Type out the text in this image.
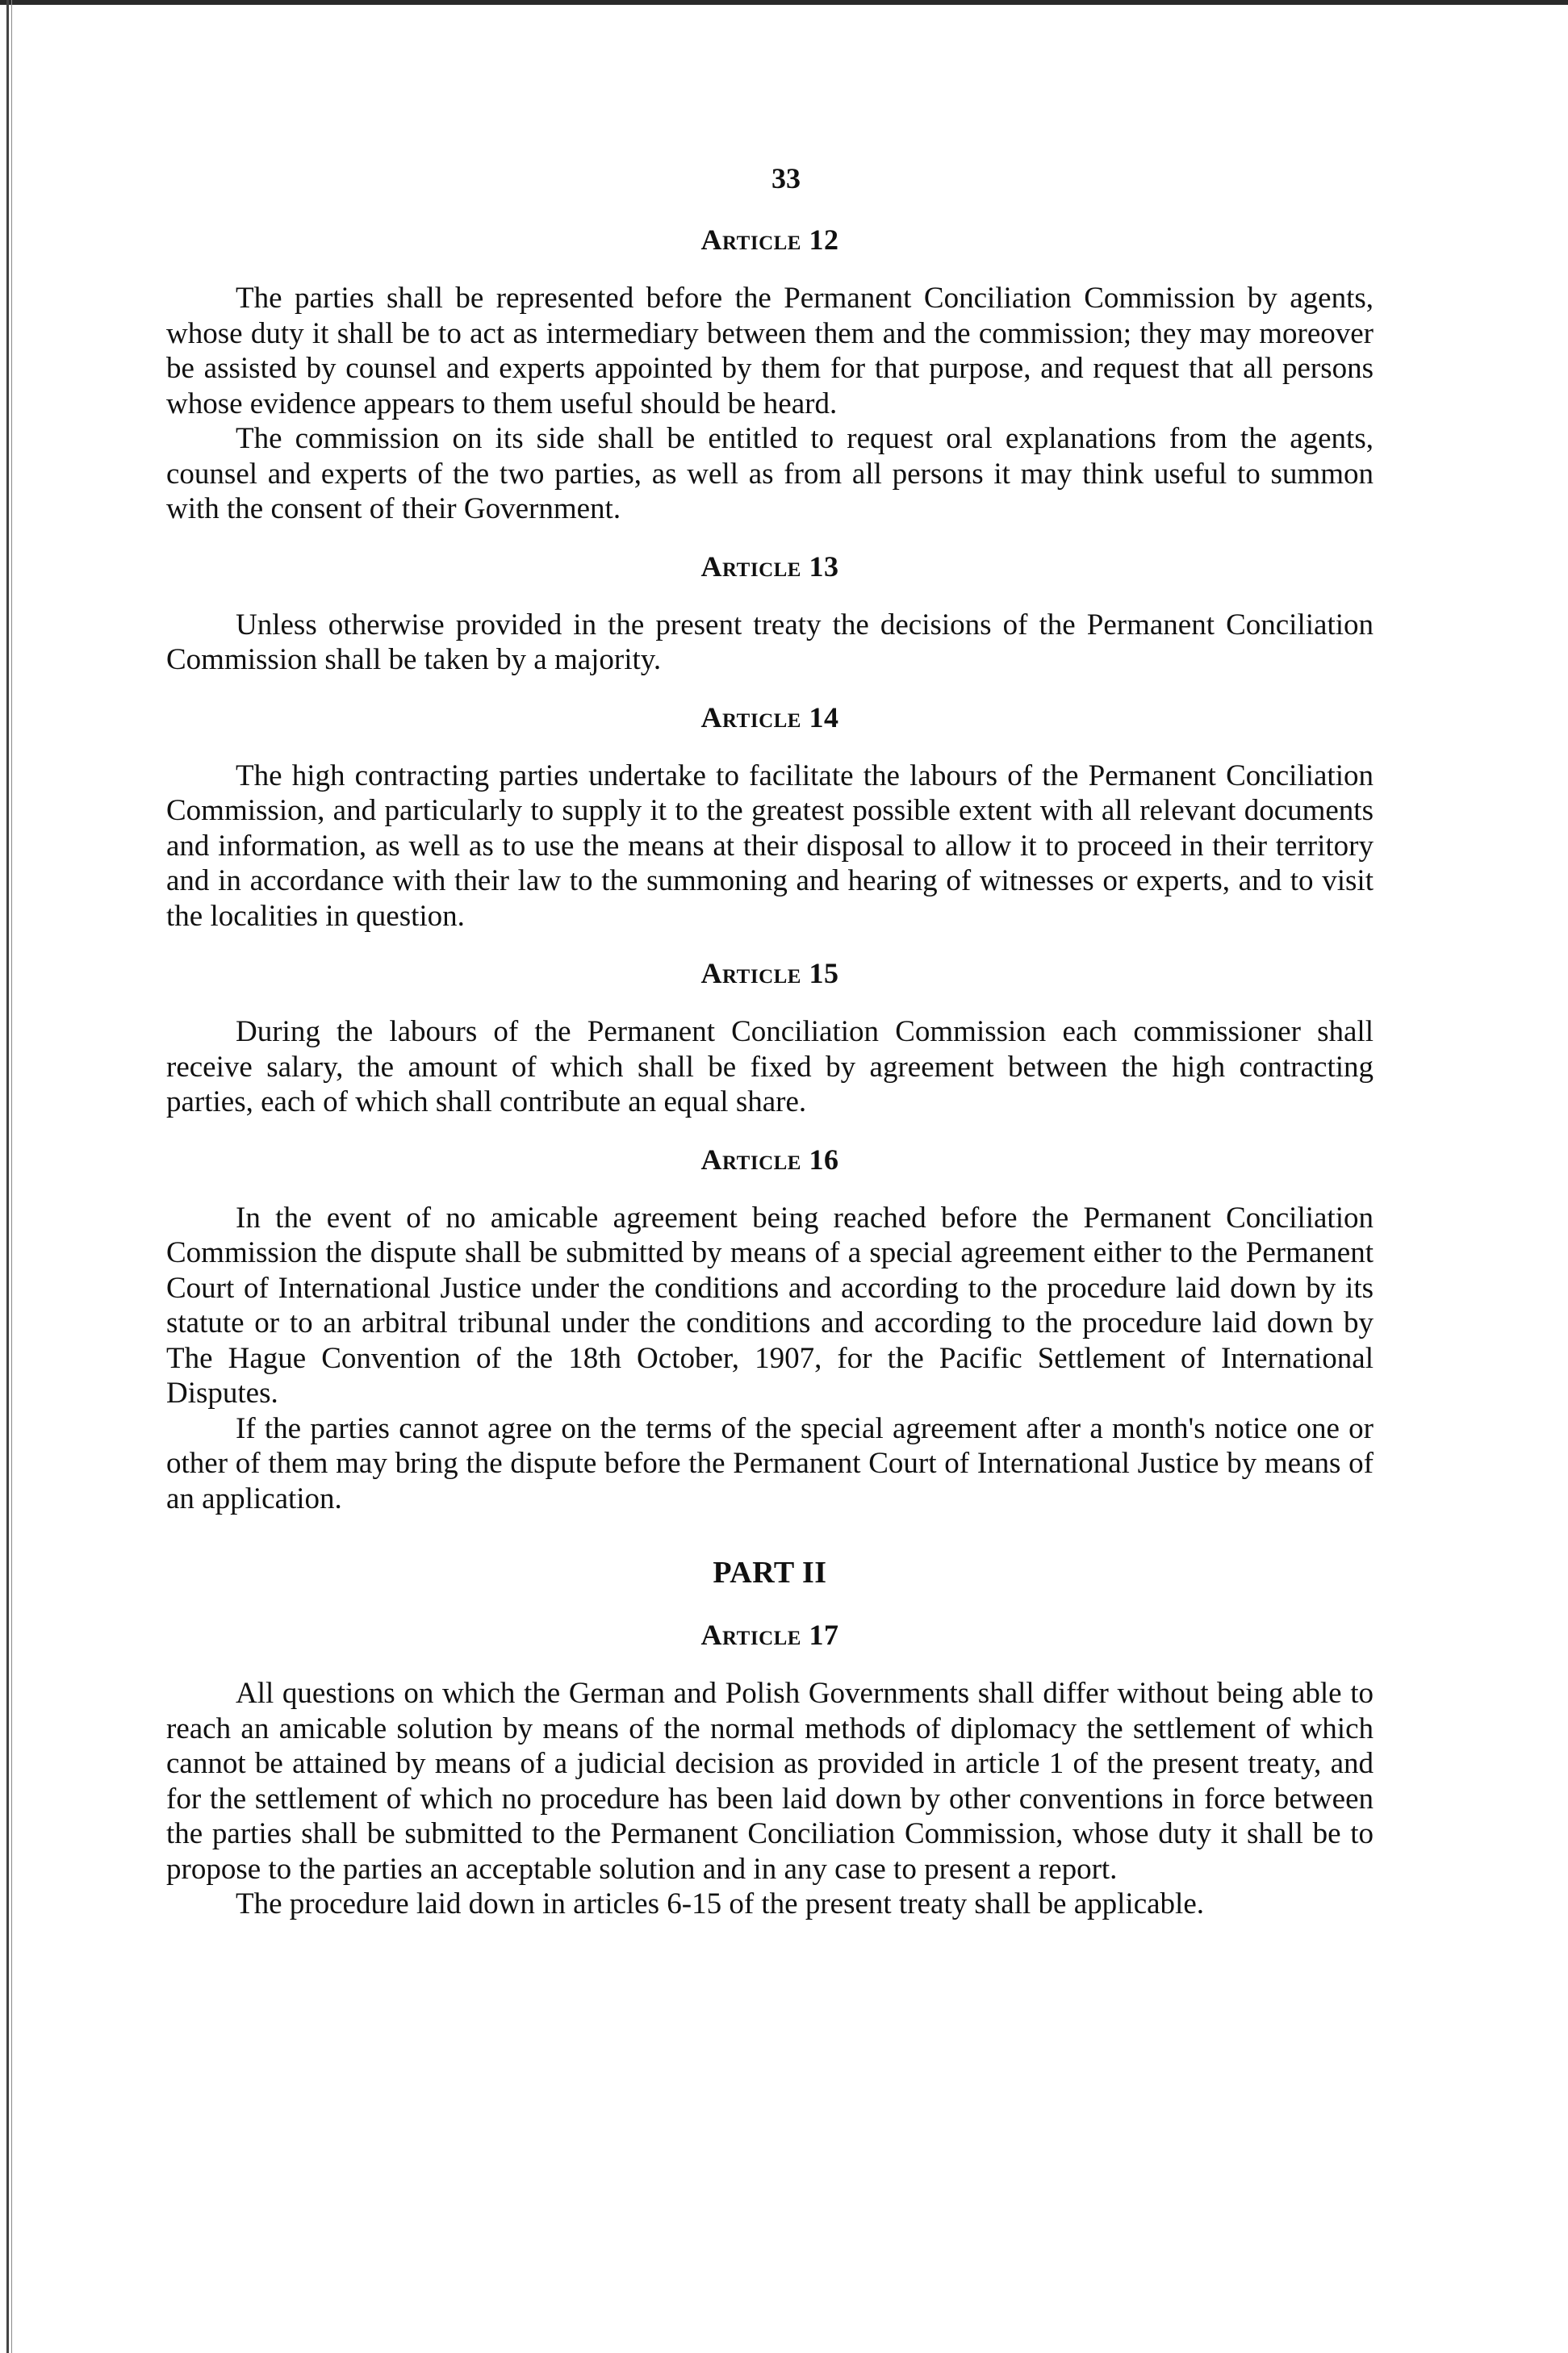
33
Article 12

The parties shall be represented before the Permanent Conciliation Commission by agents, whose duty it shall be to act as intermediary between them and the commission; they may moreover be assisted by counsel and experts appointed by them for that purpose, and request that all persons whose evidence appears to them useful should be heard.

The commission on its side shall be entitled to request oral explanations from the agents, counsel and experts of the two parties, as well as from all persons it may think useful to summon with the consent of their Government.

Article 13

Unless otherwise provided in the present treaty the decisions of the Permanent Conciliation Commission shall be taken by a majority.

Article 14

The high contracting parties undertake to facilitate the labours of the Permanent Conciliation Commission, and particularly to supply it to the greatest possible extent with all relevant documents and information, as well as to use the means at their disposal to allow it to proceed in their territory and in accordance with their law to the summoning and hearing of witnesses or experts, and to visit the localities in question.

Article 15

During the labours of the Permanent Conciliation Commission each commissioner shall receive salary, the amount of which shall be fixed by agreement between the high contracting parties, each of which shall contribute an equal share.

Article 16

In the event of no amicable agreement being reached before the Permanent Conciliation Commission the dispute shall be submitted by means of a special agreement either to the Permanent Court of International Justice under the conditions and according to the procedure laid down by its statute or to an arbitral tribunal under the conditions and according to the procedure laid down by The Hague Convention of the 18th October, 1907, for the Pacific Settlement of International Disputes.

If the parties cannot agree on the terms of the special agreement after a month's notice one or other of them may bring the dispute before the Permanent Court of International Justice by means of an application.

PART II
Article 17

All questions on which the German and Polish Governments shall differ without being able to reach an amicable solution by means of the normal methods of diplomacy the settlement of which cannot be attained by means of a judicial decision as provided in article 1 of the present treaty, and for the settlement of which no procedure has been laid down by other conventions in force between the parties shall be submitted to the Permanent Conciliation Commission, whose duty it shall be to propose to the parties an acceptable solution and in any case to present a report.

The procedure laid down in articles 6-15 of the present treaty shall be applicable.
